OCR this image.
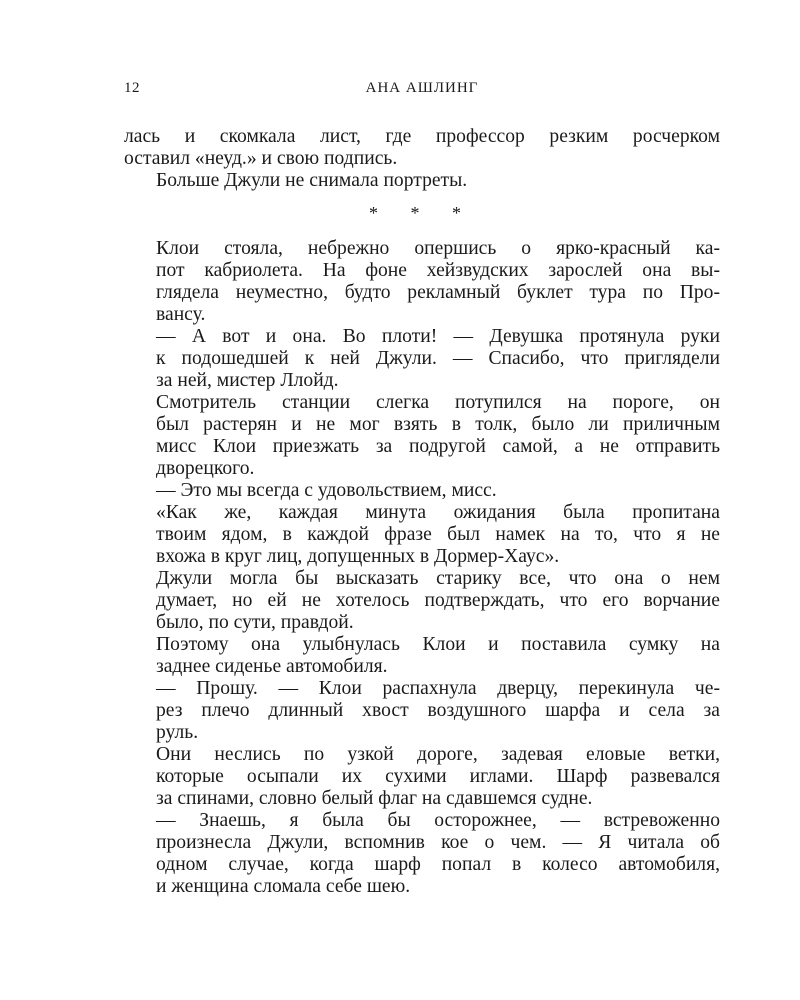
12	АНА АШЛИНГ
лась и скомкала лист, где профессор резким росчерком
оставил «неуд.» и свою подпись.
Больше Джули не снимала портреты.
* * *
Клои стояла, небрежно опершись о ярко-красный ка-
пот кабриолета. На фоне хейзвудских зарослей она вы-
глядела неуместно, будто рекламный буклет тура по Про-
вансу.
— А вот и она. Во плоти! — Девушка протянула руки
к подошедшей к ней Джули. — Спасибо, что приглядели
за ней, мистер Ллойд.
Смотритель станции слегка потупился на пороге, он
был растерян и не мог взять в толк, было ли приличным
мисс Клои приезжать за подругой самой, а не отправить
дворецкого.
— Это мы всегда с удовольствием, мисс.
«Как же, каждая минута ожидания была пропитана
твоим ядом, в каждой фразе был намек на то, что я не
вхожа в круг лиц, допущенных в Дормер-Хаус».
Джули могла бы высказать старику все, что она о нем
думает, но ей не хотелось подтверждать, что его ворчание
было, по сути, правдой.
Поэтому она улыбнулась Клои и поставила сумку на
заднее сиденье автомобиля.
— Прошу. — Клои распахнула дверцу, перекинула че-
рез плечо длинный хвост воздушного шарфа и села за
руль.
Они неслись по узкой дороге, задевая еловые ветки,
которые осыпали их сухими иглами. Шарф развевался
за спинами, словно белый флаг на сдавшемся судне.
— Знаешь, я была бы осторожнее, — встревоженно
произнесла Джули, вспомнив кое о чем. — Я читала об
одном случае, когда шарф попал в колесо автомобиля,
и женщина сломала себе шею.
